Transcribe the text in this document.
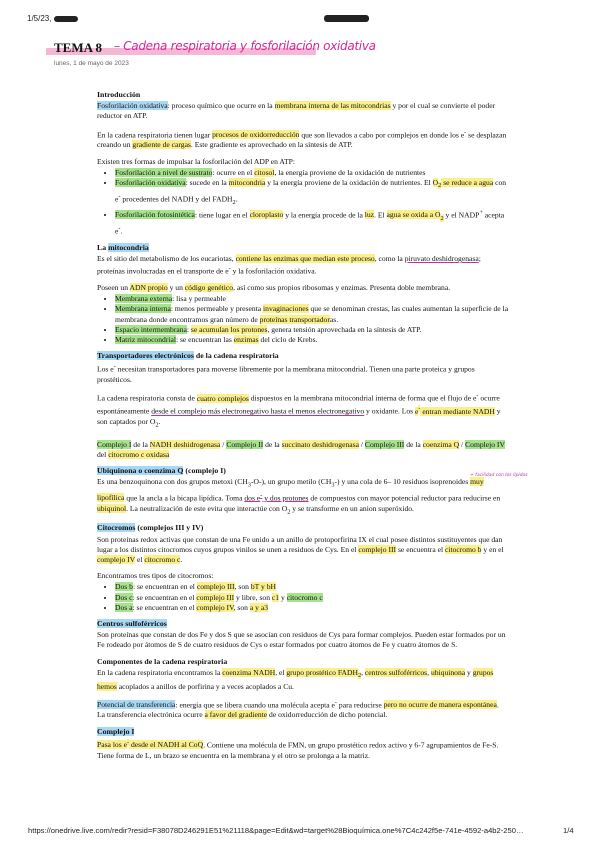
1/5/23,
TEMA 8 – Cadena respiratoria y fosforilación oxidativa
lunes, 1 de mayo de 2023
Introducción

Fosforilación oxidativa: proceso químico que ocurre en la membrana interna de las mitocondrias y por el cual se convierte el poder reductor en ATP.

En la cadena respiratoria tienen lugar procesos de oxidorreducción que son llevados a cabo por complejos en donde los e- se desplazan creando un gradiente de cargas. Este gradiente es aprovechado en la síntesis de ATP.

Existen tres formas de impulsar la fosforilación del ADP en ATP:

• Fosforilación a nivel de sustrato: ocurre en el citosol, la energía proviene de la oxidación de nutrientes
• Fosforilación oxidativa: sucede en la mitocondria y la energía proviene de la oxidación de nutrientes. El $O_2$ se reduce a agua con e- procedentes del NADH y del $FADH_2$.
• Fosforilación fotosintética: tiene lugar en el cloroplasto y la energía procede de la luz. El agua se oxida a $O_2$ y el NADP+ acepta e-.
La mitocondria

Es el sitio del metabolismo de los eucariotas, contiene las enzimas que median este proceso, como la piruvato deshidrogenasa; proteínas involucradas en el transporte de e- y la fosforilación oxidativa.

Poseen un ADN propio y un código genético, así como sus propios ribosomas y enzimas. Presenta doble membrana.

• Membrana externa: lisa y permeable
• Membrana interna: menos permeable y presenta invaginaciones que se denominan crestas, las cuales aumentan la superficie de la membrana donde encontramos gran número de proteínas transportadoras.
• Espacio intermembrana: se acumulan los protones, genera tensión aprovechada en la síntesis de ATP.
• Matriz mitocondrial: se encuentran las enzimas del ciclo de Krebs.
Transportadores electrónicos de la cadena respiratoria

Los e- necesitan transportadores para moverse libremente por la membrana mitocondrial. Tienen una parte proteica y grupos prostéticos.

La cadena respiratoria consta de cuatro complejos dispuestos en la membrana mitocondrial interna de forma que el flujo de e- ocurre espontáneamente desde el complejo más electronegativo hasta el menos electronegativo y oxidante. Los e entran mediante NADH y son captados por $O_2$.

Complejo I de la NADH deshidrogenasa / Complejo II de la succinato deshidrogenasa / Complejo III de la coenzima Q / Complejo IV del citocromo c oxidasa

Ubiquinona o coenzima Q (complejo I)

Es una benzoquinona con dos grupos metoxi $(CH_3-O-)$, un grupo metilo $(CH_3-)$ y una cola de 6– 10 residuos isoprenoides
+ facilidad con los lípidos
muy lipofílica que la ancla a la bicapa lipídica. Toma dos e- y dos protones de compuestos con mayor potencial reductor para reducirse en ubiquinol. La neutralización de este evita que interactúe con $O_2$ y se transforme en un anion superóxido.

Citocromos (complejos III y IV)

Son proteínas redox activas que constan de una Fe unido a un anillo de protoporfirina IX el cual posee distintos sustituyentes que dan lugar a los distintos citocromos cuyos grupos vinilos se unen a residuos de Cys. En el complejo III se encuentra el citocromo b y en el complejo IV el citocromo c.

Encontramos tres tipos de citocromos:

• Dos b: se encuentran en el complejo III, son bT y bH
• Dos c: se encuentran en el complejo III y libre, son c1 y citocromo c
• Dos a: se encuentran en el complejo IV, son a y a3
Centros sulfoférricos

Son proteínas que constan de dos Fe y dos S que se asocian con residuos de Cys para formar complejos. Pueden estar formados por un Fe rodeado por átomos de S de cuatro residuos de Cys o estar formados por cuatro átomos de Fe y cuatro átomos de S.

Componentes de la cadena respiratoria

En la cadena respiratoria encontramos la coenzima NADH, el grupo prostético $FADH_2$, centros sulfoférricos, ubiquinona y grupos hemos acoplados a anillos de porfirina y a veces acoplados a Cu.

Potencial de transferencia: energía que se libera cuando una molécula acepta e- para reducirse pero no ocurre de manera espontánea.

La transferencia electrónica ocurre a favor del gradiente de oxidorreducción de dicho potencial.

Complejo I

Pasa los e- desde el NADH al CoQ. Contiene una molécula de FMN, un grupo prostético redox activo y 6-7 agrupamientos de Fe-S. Tiene forma de L, un brazo se encuentra en la membrana y el otro se prolonga a la matriz.

https://onedrive.live.com/redir?resid=F38078D246291E51%21118&page=Edit&wd=target%28Bioquímica.one%7C4c242f5e-741e-4592-a4b2-250…	1/4
